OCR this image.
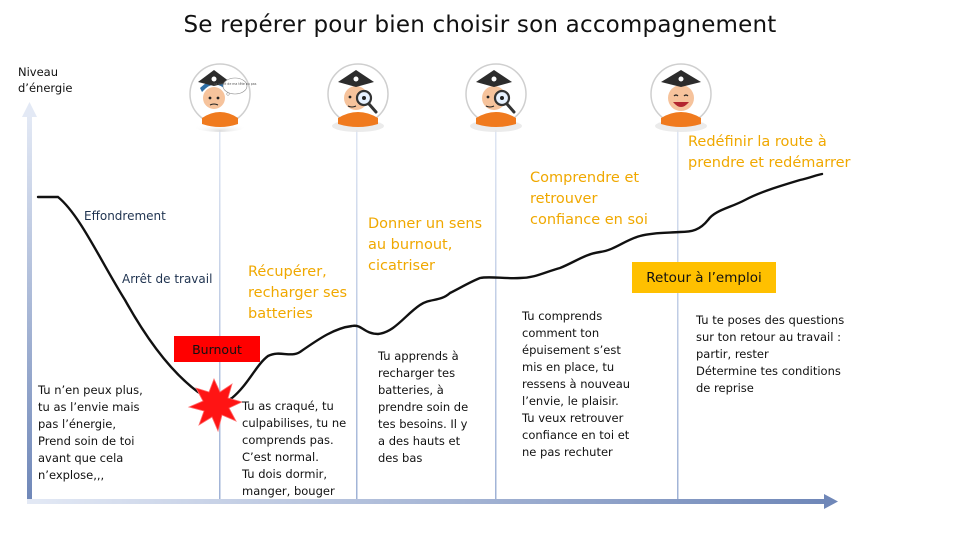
Se repérer pour bien choisir son accompagnement
Niveau
d’énergie	ça vient de ma tête ou pas
Effondrement
Arrêt de travail
Burnout
Retour à l’emploi
Récupérer,
recharger ses
batteries
Donner un sens
au burnout,
cicatriser
Comprendre et
retrouver
confiance en soi
Redéfinir la route à
prendre et redémarrer
Tu n’en peux plus,
tu as l’envie mais
pas l’énergie,
Prend soin de toi
avant que cela
n’explose,,,
Tu as craqué, tu
culpabilises, tu ne
comprends pas.
C’est normal.
Tu dois dormir,
manger, bouger
Tu apprends à
recharger tes
batteries, à
prendre soin de
tes besoins. Il y
a des hauts et
des bas
Tu comprends
comment ton
épuisement s’est
mis en place, tu
ressens à nouveau
l’envie, le plaisir.
Tu veux retrouver
confiance en toi et
ne pas rechuter
Tu te poses des questions
sur ton retour au travail :
partir, rester
Détermine tes conditions
de reprise
